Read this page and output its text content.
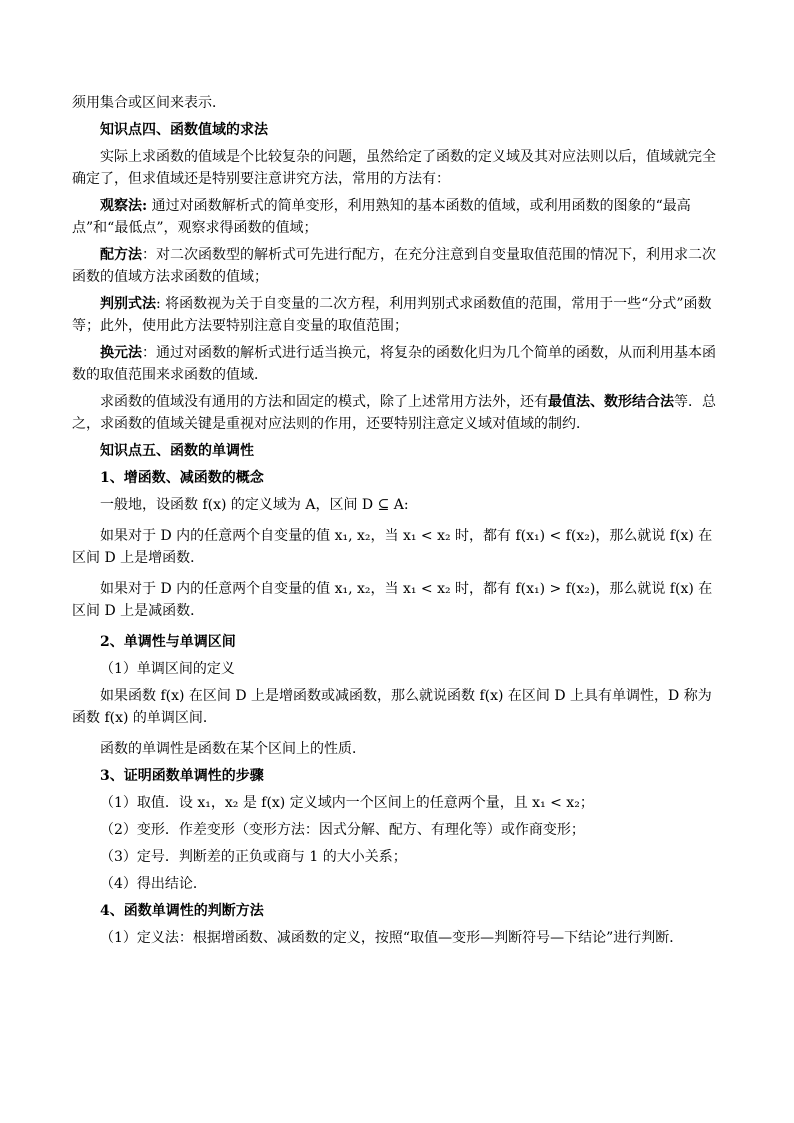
须用集合或区间来表示．

知识点四、函数值域的求法

实际上求函数的值域是个比较复杂的问题，虽然给定了函数的定义域及其对应法则以后，值域就完全确定了，但求值域还是特别要注意讲究方法，常用的方法有：

观察法: 通过对函数解析式的简单变形，利用熟知的基本函数的值域，或利用函数的图象的“最高点”和“最低点”，观察求得函数的值域；

配方法：对二次函数型的解析式可先进行配方，在充分注意到自变量取值范围的情况下，利用求二次函数的值域方法求函数的值域；

判别式法: 将函数视为关于自变量的二次方程，利用判别式求函数值的范围，常用于一些“分式”函数等；此外，使用此方法要特别注意自变量的取值范围；

换元法：通过对函数的解析式进行适当换元，将复杂的函数化归为几个简单的函数，从而利用基本函数的取值范围来求函数的值域．

求函数的值域没有通用的方法和固定的模式，除了上述常用方法外，还有最值法、数形结合法等．总之，求函数的值域关键是重视对应法则的作用，还要特别注意定义域对值域的制约．

知识点五、函数的单调性

1、增函数、减函数的概念

一般地，设函数 f(x) 的定义域为 A，区间 D ⊆ A:

如果对于 D 内的任意两个自变量的值 x₁, x₂，当 x₁ < x₂ 时，都有 f(x₁) < f(x₂)，那么就说 f(x) 在区间 D 上是增函数．

如果对于 D 内的任意两个自变量的值 x₁, x₂，当 x₁ < x₂ 时，都有 f(x₁) > f(x₂)，那么就说 f(x) 在区间 D 上是减函数．

2、单调性与单调区间

（1）单调区间的定义

如果函数 f(x) 在区间 D 上是增函数或减函数，那么就说函数 f(x) 在区间 D 上具有单调性，D 称为函数 f(x) 的单调区间．

函数的单调性是函数在某个区间上的性质．

3、证明函数单调性的步骤

（1）取值．设 x₁，x₂ 是 f(x) 定义域内一个区间上的任意两个量，且 x₁ < x₂；

（2）变形．作差变形（变形方法：因式分解、配方、有理化等）或作商变形；

（3）定号．判断差的正负或商与 1 的大小关系；

（4）得出结论．

4、函数单调性的判断方法

（1）定义法：根据增函数、减函数的定义，按照“取值—变形—判断符号—下结论”进行判断．
